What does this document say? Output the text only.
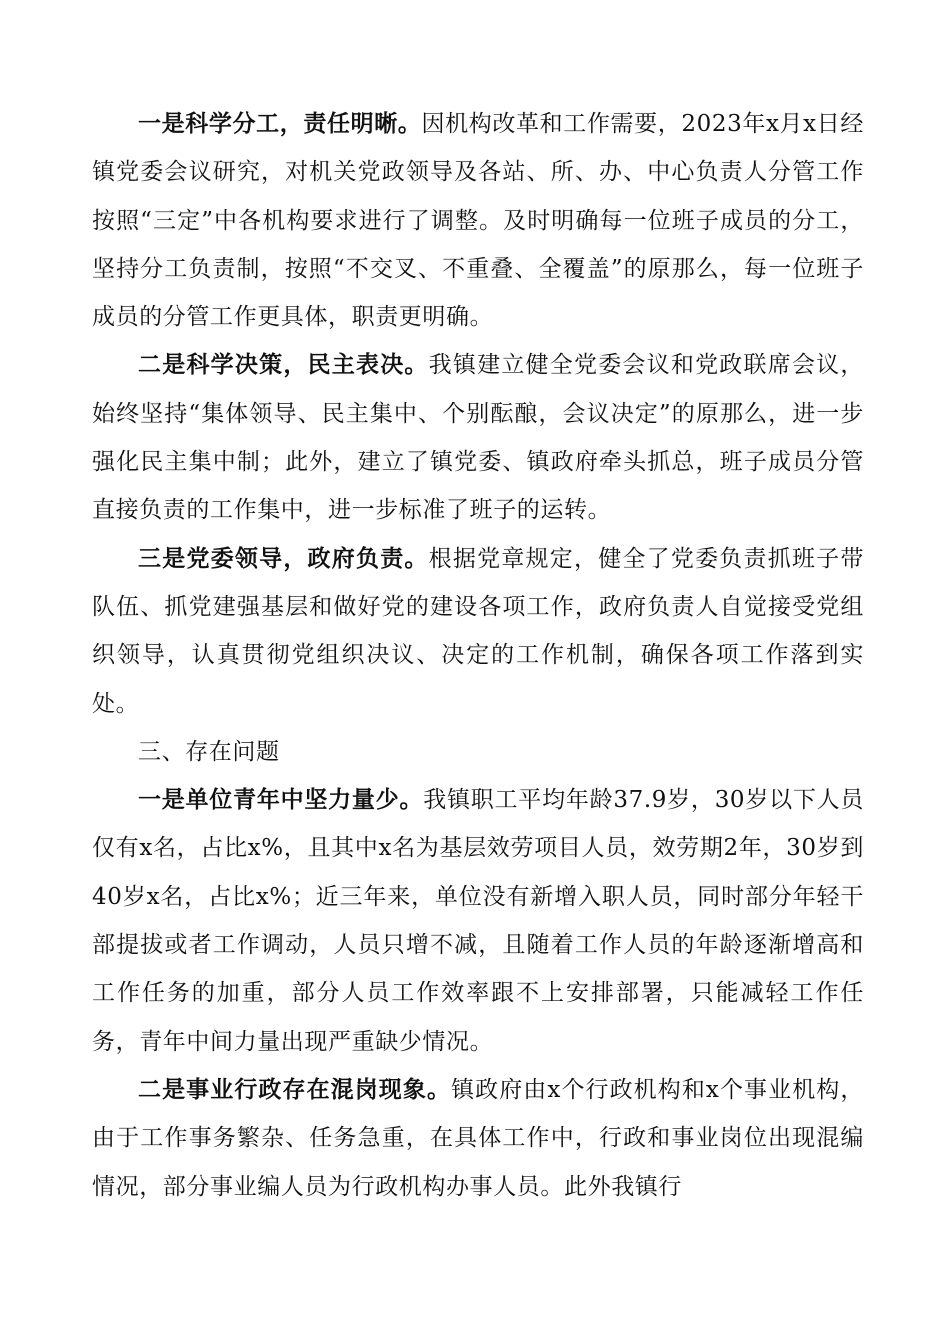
一是科学分工，责任明晰。因机构改革和工作需要，2023年x月x日经镇党委会议研究，对机关党政领导及各站、所、办、中心负责人分管工作按照“三定”中各机构要求进行了调整。及时明确每一位班子成员的分工，坚持分工负责制，按照“不交叉、不重叠、全覆盖”的原那么，每一位班子成员的分管工作更具体，职责更明确。

二是科学决策，民主表决。我镇建立健全党委会议和党政联席会议，始终坚持“集体领导、民主集中、个别酝酿，会议决定”的原那么，进一步强化民主集中制；此外，建立了镇党委、镇政府牵头抓总，班子成员分管直接负责的工作集中，进一步标准了班子的运转。

三是党委领导，政府负责。根据党章规定，健全了党委负责抓班子带队伍、抓党建强基层和做好党的建设各项工作，政府负责人自觉接受党组织领导，认真贯彻党组织决议、决定的工作机制，确保各项工作落到实处。

三、存在问题

一是单位青年中坚力量少。我镇职工平均年龄37.9岁，30岁以下人员仅有x名，占比x%，且其中x名为基层效劳项目人员，效劳期2年，30岁到40岁x名，占比x%；近三年来，单位没有新增入职人员，同时部分年轻干部提拔或者工作调动，人员只增不减，且随着工作人员的年龄逐渐增高和工作任务的加重，部分人员工作效率跟不上安排部署，只能减轻工作任务，青年中间力量出现严重缺少情况。

二是事业行政存在混岗现象。镇政府由x个行政机构和x个事业机构，由于工作事务繁杂、任务急重，在具体工作中，行政和事业岗位出现混编情况，部分事业编人员为行政机构办事人员。此外我镇行
